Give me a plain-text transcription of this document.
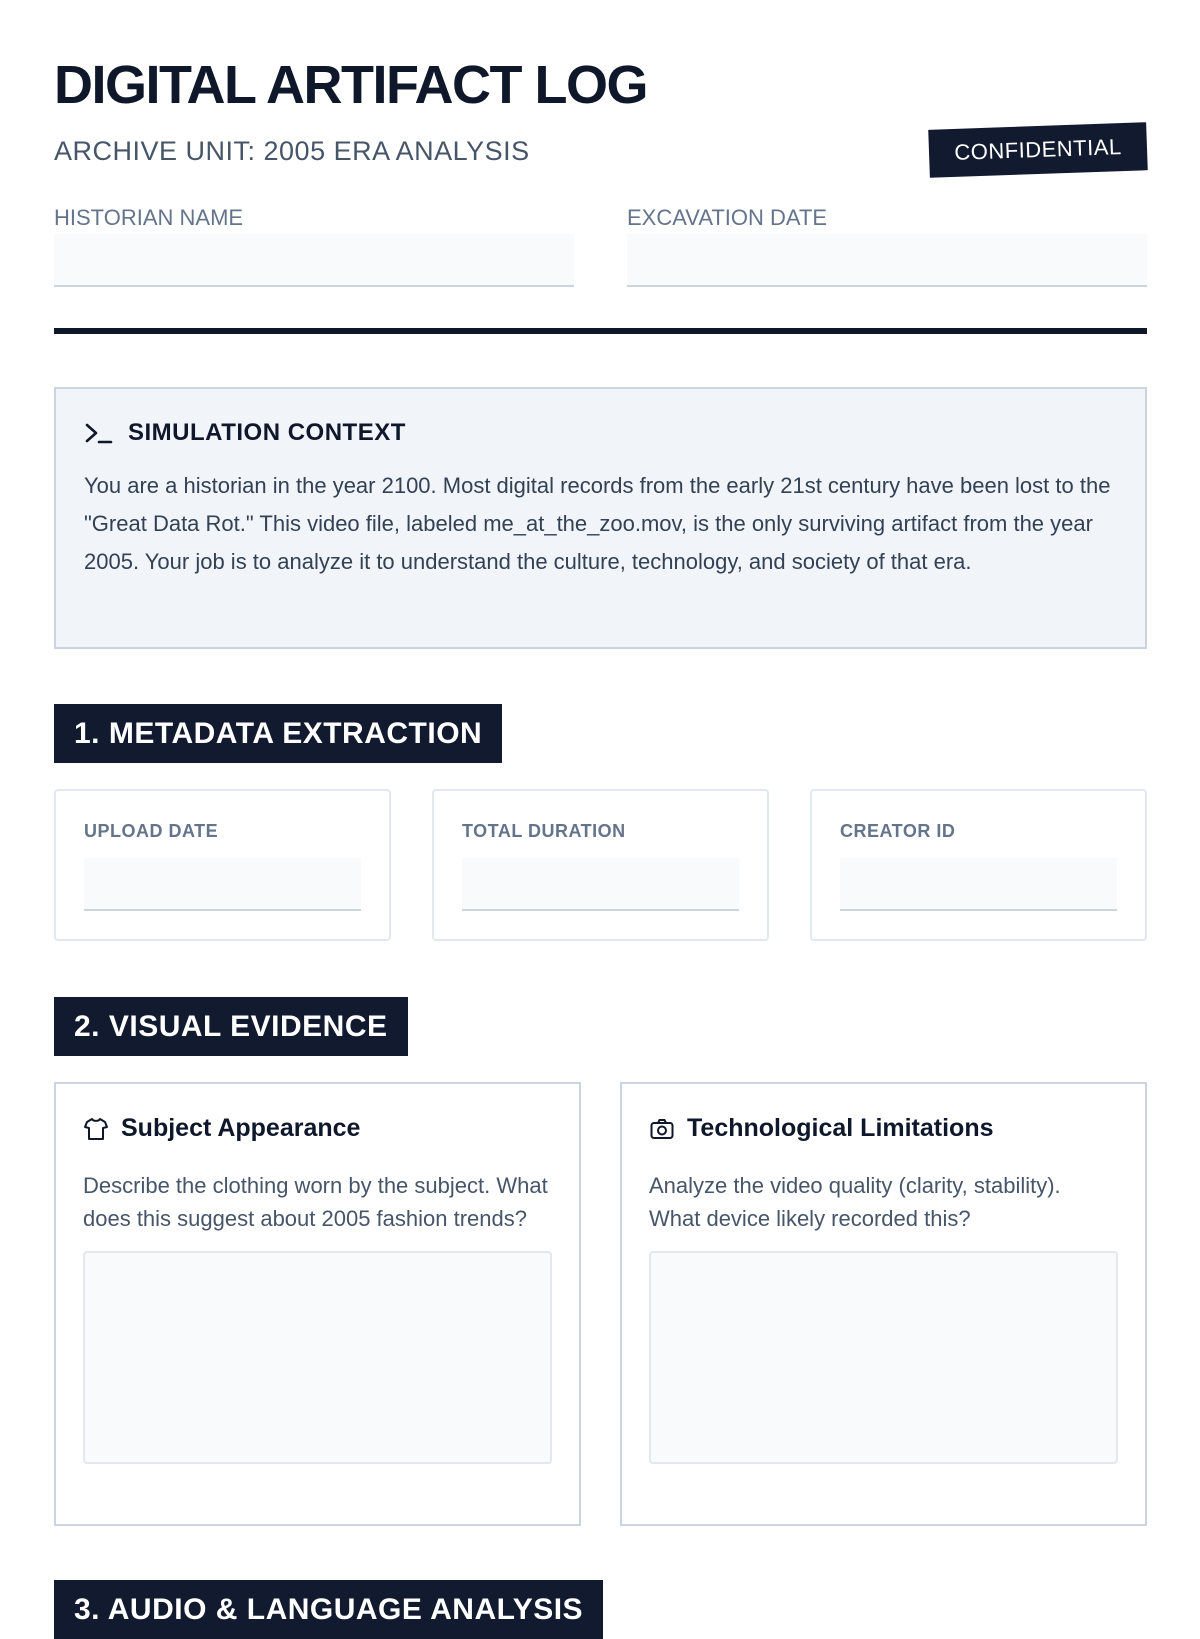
DIGITAL ARTIFACT LOG
ARCHIVE UNIT: 2005 ERA ANALYSIS	CONFIDENTIAL
HISTORIAN NAME	EXCAVATION DATE
SIMULATION CONTEXT

You are a historian in the year 2100. Most digital records from the early 21st century have been lost to the "Great Data Rot." This video file, labeled me_at_the_zoo.mov, is the only surviving artifact from the year 2005. Your job is to analyze it to understand the culture, technology, and society of that era.

1. METADATA EXTRACTION
UPLOAD DATE	TOTAL DURATION	CREATOR ID
2. VISUAL EVIDENCE
Subject Appearance

Describe the clothing worn by the subject. What does this suggest about 2005 fashion trends?

Technological Limitations

Analyze the video quality (clarity, stability). What device likely recorded this?

3. AUDIO & LANGUAGE ANALYSIS
